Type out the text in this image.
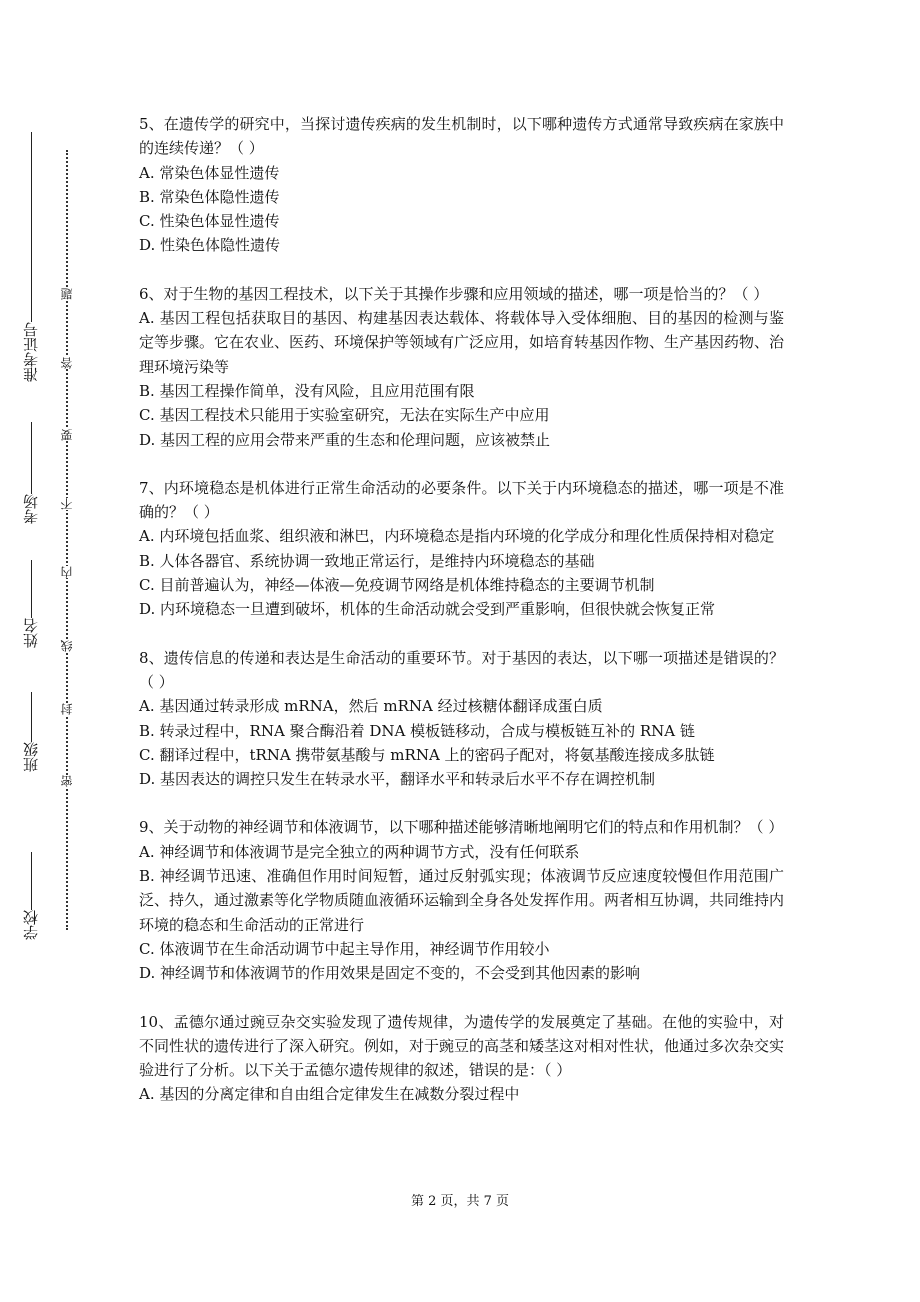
准考证号
考场
姓名
班级
学校
密
封
线
内
不
要
答
题

5、在遗传学的研究中，当探讨遗传疾病的发生机制时，以下哪种遗传方式通常导致疾病在家族中的连续传递？（ ）

A. 常染色体显性遗传

B. 常染色体隐性遗传

C. 性染色体显性遗传

D. 性染色体隐性遗传

6、对于生物的基因工程技术，以下关于其操作步骤和应用领域的描述，哪一项是恰当的？（ ）

A. 基因工程包括获取目的基因、构建基因表达载体、将载体导入受体细胞、目的基因的检测与鉴定等步骤。它在农业、医药、环境保护等领域有广泛应用，如培育转基因作物、生产基因药物、治理环境污染等

B. 基因工程操作简单，没有风险，且应用范围有限

C. 基因工程技术只能用于实验室研究，无法在实际生产中应用

D. 基因工程的应用会带来严重的生态和伦理问题，应该被禁止

7、内环境稳态是机体进行正常生命活动的必要条件。以下关于内环境稳态的描述，哪一项是不准确的？（ ）

A. 内环境包括血浆、组织液和淋巴，内环境稳态是指内环境的化学成分和理化性质保持相对稳定

B. 人体各器官、系统协调一致地正常运行，是维持内环境稳态的基础

C. 目前普遍认为，神经—体液—免疫调节网络是机体维持稳态的主要调节机制

D. 内环境稳态一旦遭到破坏，机体的生命活动就会受到严重影响，但很快就会恢复正常

8、遗传信息的传递和表达是生命活动的重要环节。对于基因的表达，以下哪一项描述是错误的？（ ）

A. 基因通过转录形成 mRNA，然后 mRNA 经过核糖体翻译成蛋白质

B. 转录过程中，RNA 聚合酶沿着 DNA 模板链移动，合成与模板链互补的 RNA 链

C. 翻译过程中，tRNA 携带氨基酸与 mRNA 上的密码子配对，将氨基酸连接成多肽链

D. 基因表达的调控只发生在转录水平，翻译水平和转录后水平不存在调控机制

9、关于动物的神经调节和体液调节，以下哪种描述能够清晰地阐明它们的特点和作用机制？（ ）

A. 神经调节和体液调节是完全独立的两种调节方式，没有任何联系

B. 神经调节迅速、准确但作用时间短暂，通过反射弧实现；体液调节反应速度较慢但作用范围广泛、持久，通过激素等化学物质随血液循环运输到全身各处发挥作用。两者相互协调，共同维持内环境的稳态和生命活动的正常进行

C. 体液调节在生命活动调节中起主导作用，神经调节作用较小

D. 神经调节和体液调节的作用效果是固定不变的，不会受到其他因素的影响

10、孟德尔通过豌豆杂交实验发现了遗传规律，为遗传学的发展奠定了基础。在他的实验中，对不同性状的遗传进行了深入研究。例如，对于豌豆的高茎和矮茎这对相对性状，他通过多次杂交实验进行了分析。以下关于孟德尔遗传规律的叙述，错误的是：（ ）

A. 基因的分离定律和自由组合定律发生在减数分裂过程中

第 2 页，共 7 页
